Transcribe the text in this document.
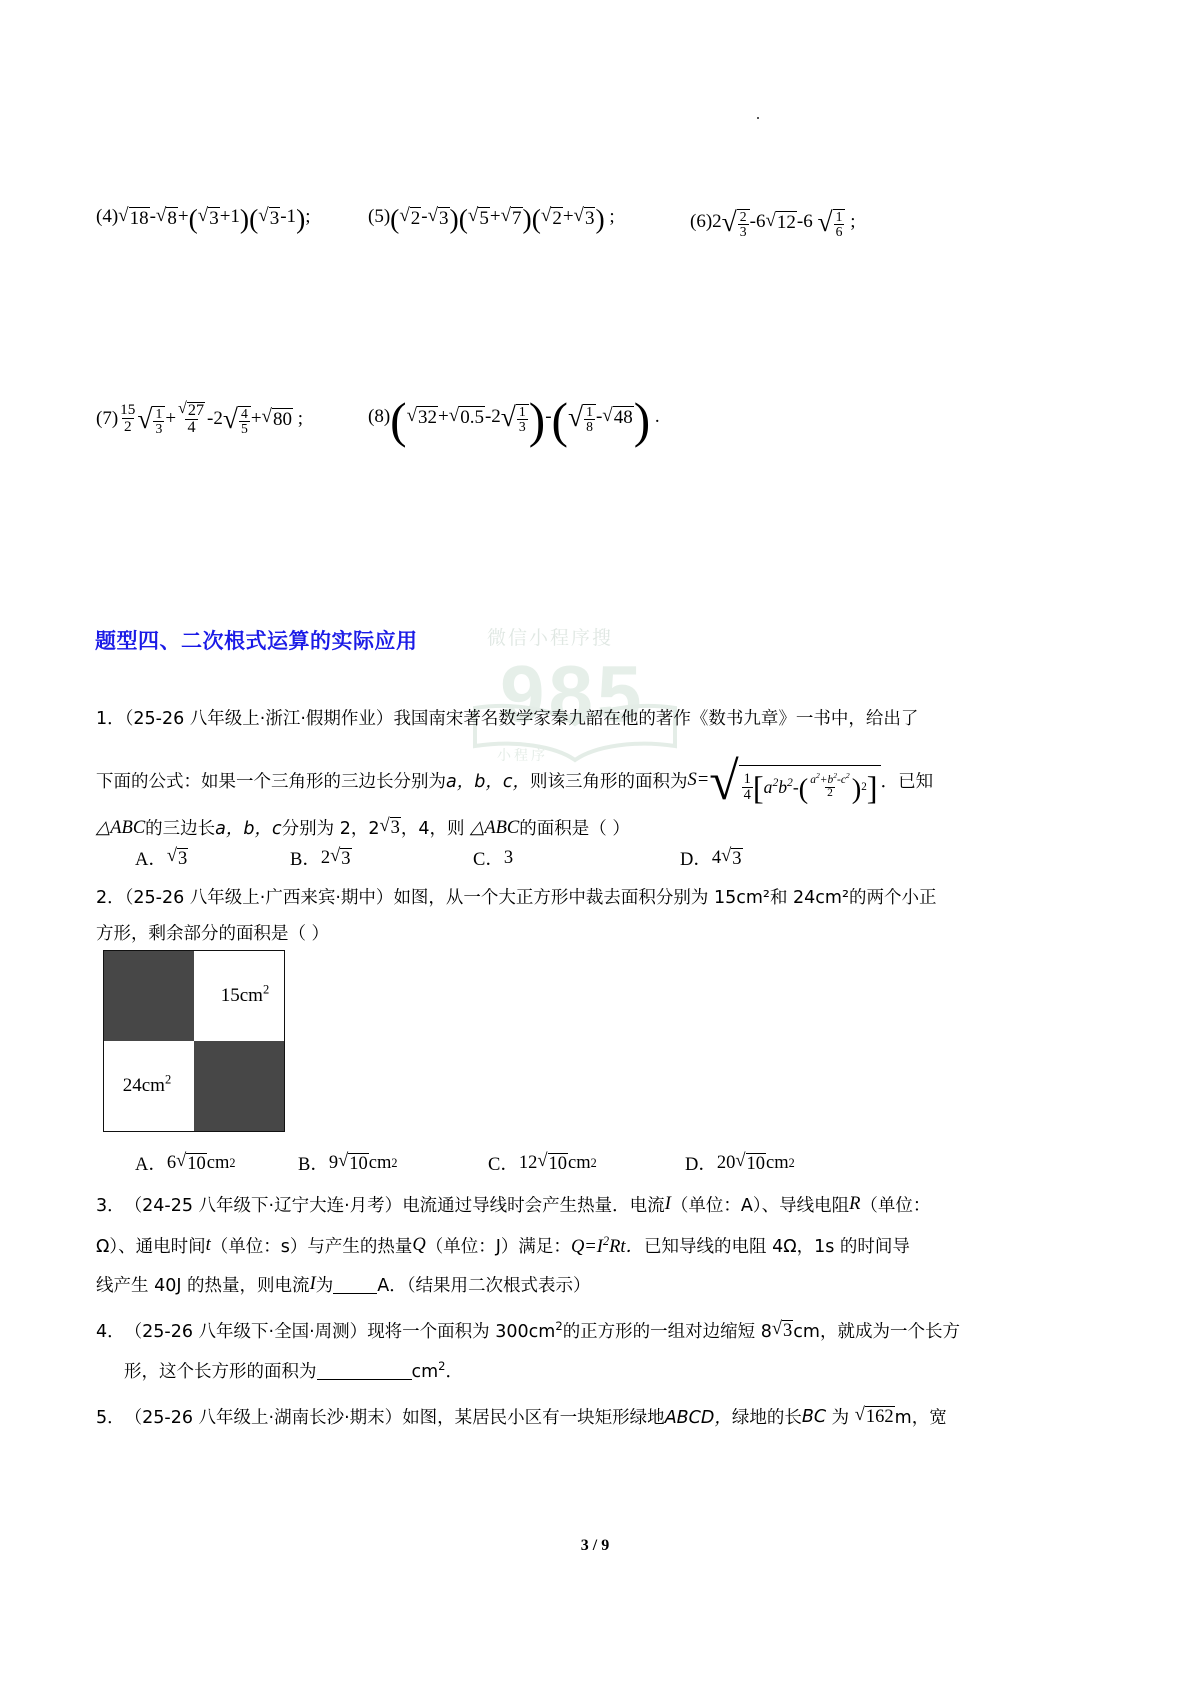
(4) √ 18 - √ 8 + ( √ 3 +1 ) ( √ 3 -1 ) ;	(5) ( √ 2 - √ 3 ) ( √ 5 + √ 7 ) ( √ 2 + √ 3 ) ;	(6) 2 √ $\frac{2}{3} -6$ √ 12 -6 √ $\frac{1}{6}$ ;
$(7) \frac{15}{2}$ √ $\frac{1}{3} + \frac{√ 27}{4} -2$ √ $\frac{4}{5}$ + √ 80 ;	(8) ( √ 32 + √ 0.5 -2 √ $\frac{1}{3}$ ) - ( √ $\frac{1}{8}$ - √ 48 ) .
微信小程序搜
985
小程序
题型四、二次根式运算的实际应用
1．（25-26 八年级上·浙江·假期作业）我国南宋著名数学家秦九韶在他的著作《数书九章》一书中，给出了
下面的公式：如果一个三角形的三边长分别为 a，b，c， 则该三角形的面积为 S= √ $\frac{1}{4}$ [ $a^2b^2-$ ( $\frac{a^2+b^2-c^2}{2}$ ) 2 ] ．已知
△ABC 的三边长 a，b，c 分别为 2，2 √ 3 ，4，则 △ABC 的面积是（ ）
A． √ 3	B． 2 √ 3	C． 3	D． 4 √ 3
2．（25-26 八年级上·广西来宾·期中）如图，从一个大正方形中裁去面积分别为 15cm²和 24cm²的两个小正
方形，剩余部分的面积是（ ）
$15cm^2$
$24cm^2$
A． 6 √ 10 cm 2	B． 9 √ 10 cm 2	C． 12 √ 10 cm 2	D． 20 √ 10 cm 2
3． （24-25 八年级下·辽宁大连·月考） 电流通过导线时会产生热量．电流 I （单位：A）、导线电阻 R （单位：
Ω）、通电时间 t （单位：s）与产生的热量 Q （单位：J）满足： $Q=I^2Rt$． 已知导线的电阻 4Ω，1s 的时间导
线产生 40J 的热量，则电流 I 为	A．（结果用二次根式表示）
4． （25-26 八年级下·全国·周测） 现将一个面积为 $300cm^2$的正方形的一组对边缩短 8 √ 3 cm，就成为一个长方
形，这个长方形的面积为	$cm^2$．
5． （25-26 八年级上·湖南长沙·期末） 如图，某居民小区有一块矩形绿地 ABCD， 绿地的长 BC 为 √ 162 m，宽
3 / 9
